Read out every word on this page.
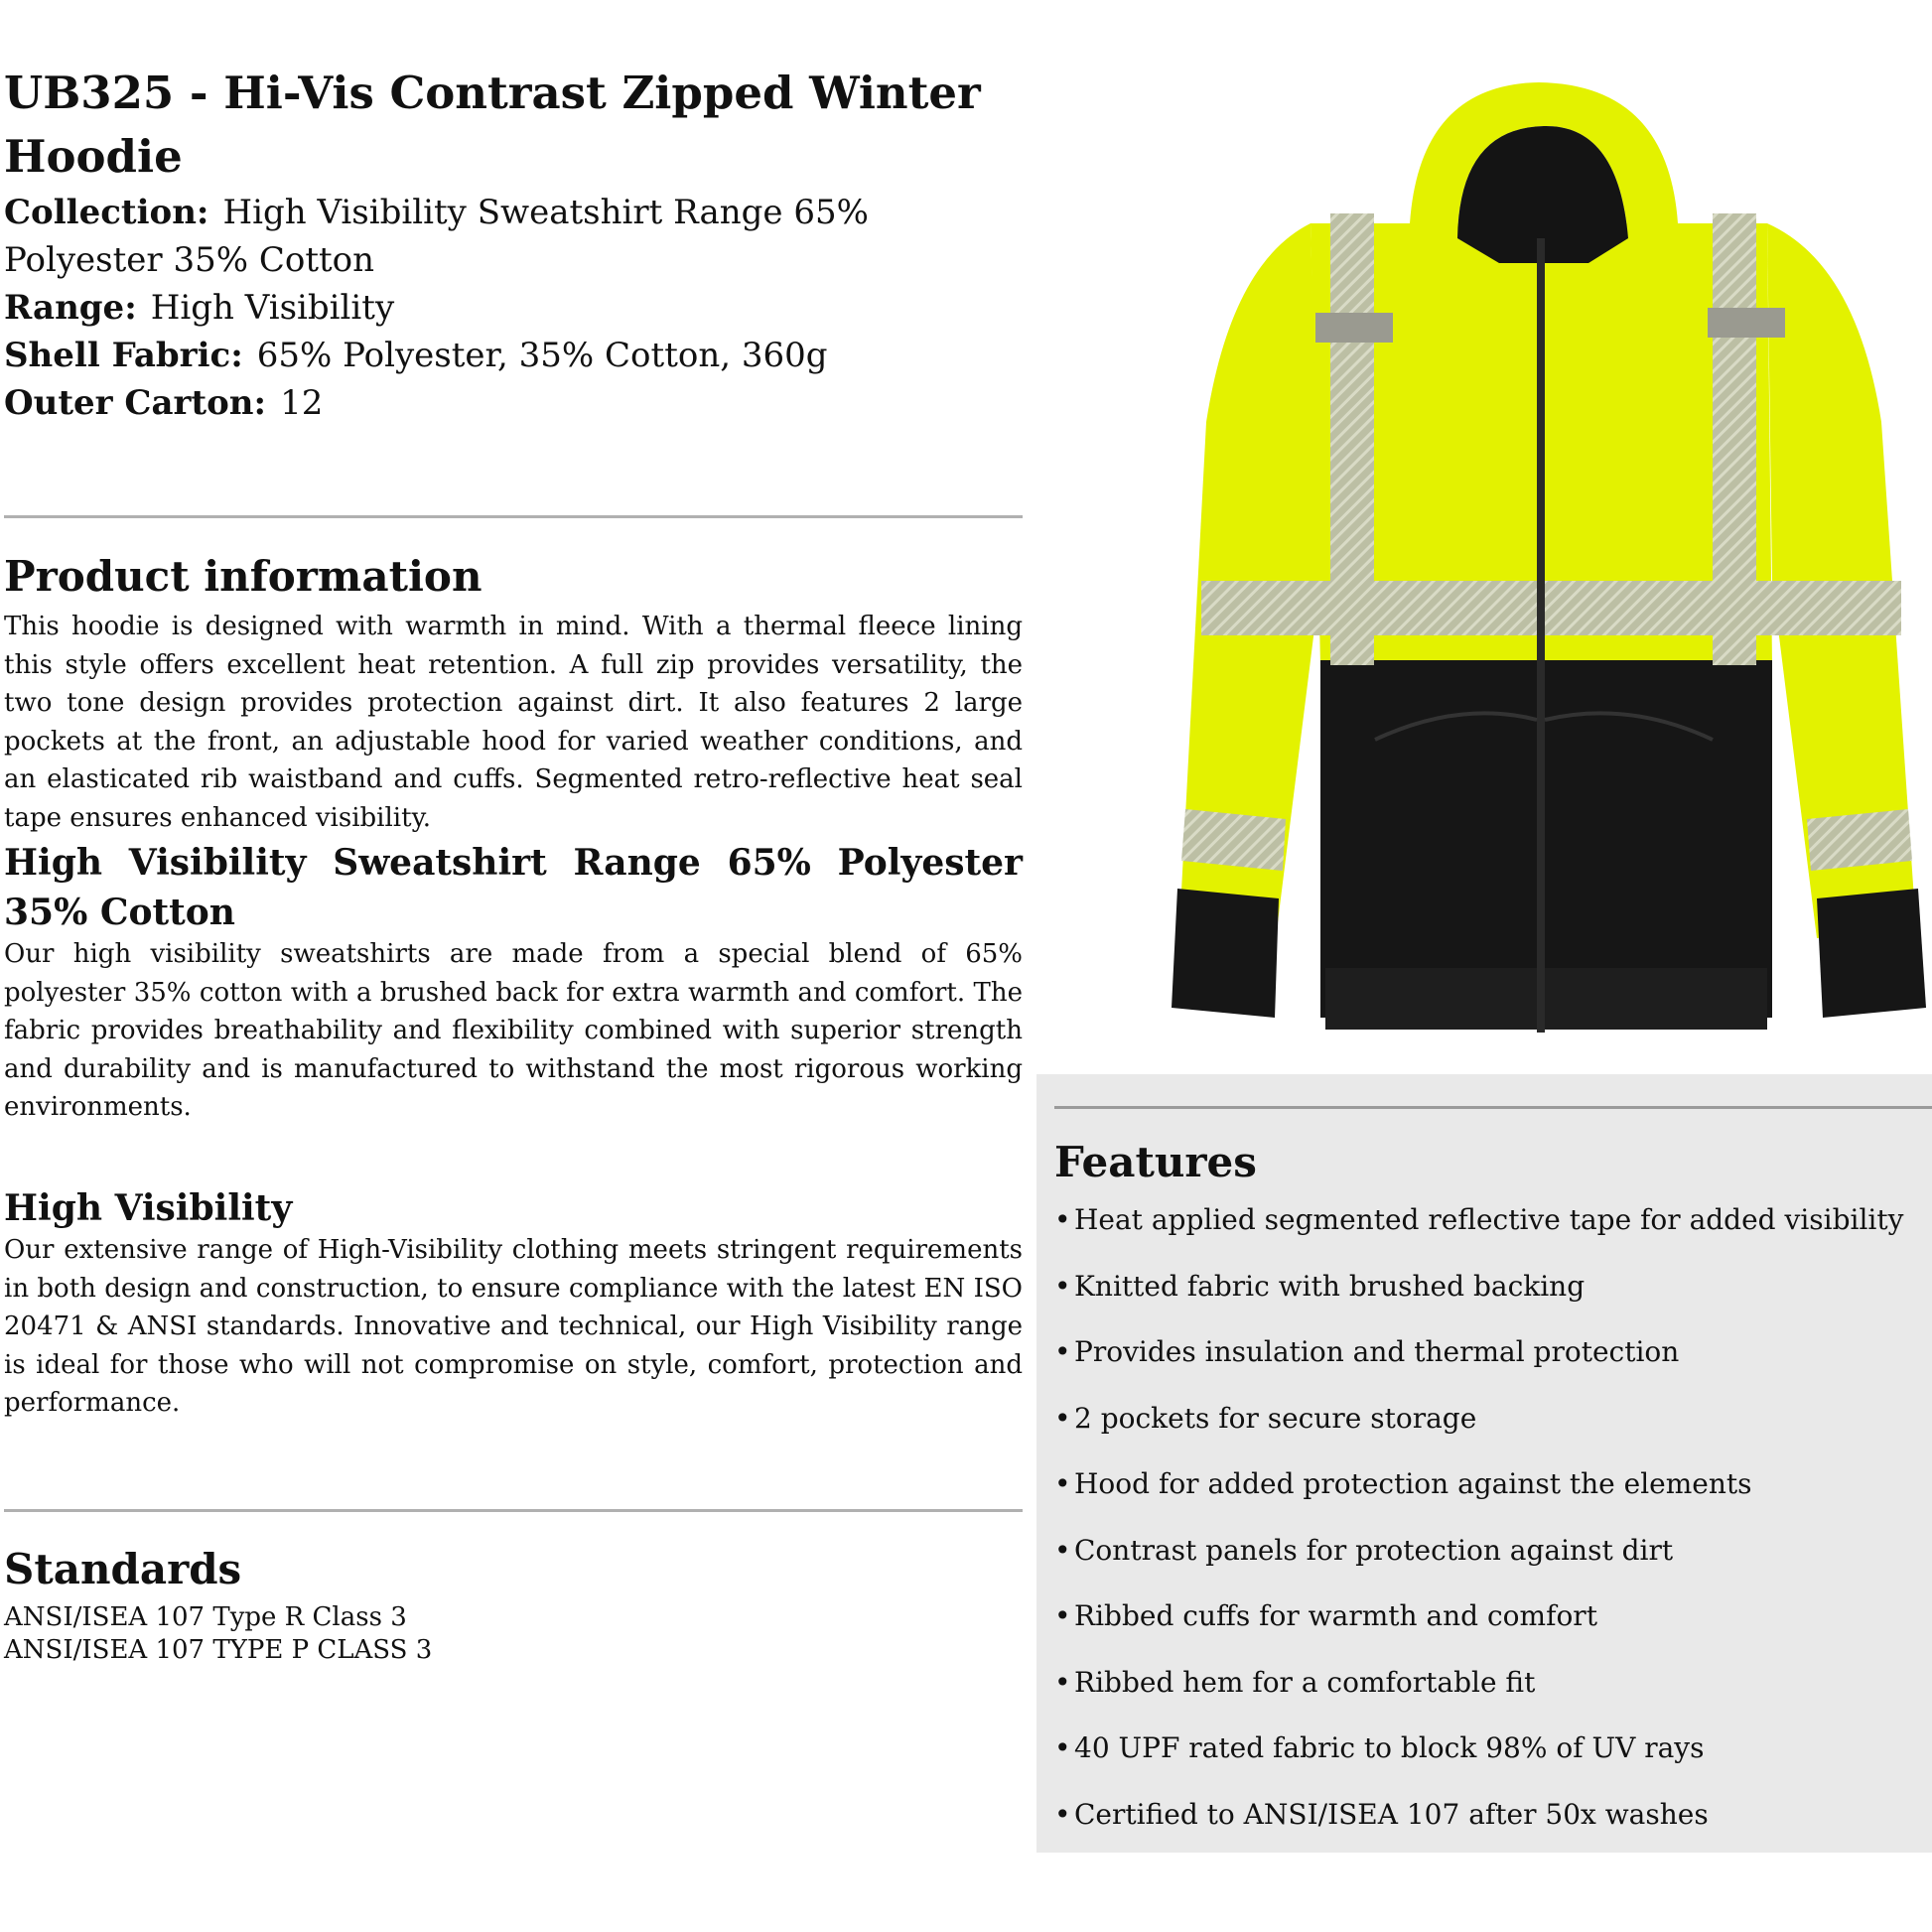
UB325 - Hi-Vis Contrast Zipped Winter Hoodie
Collection: High Visibility Sweatshirt Range 65% Polyester 35% Cotton
Range: High Visibility
Shell Fabric: 65% Polyester, 35% Cotton, 360g
Outer Carton: 12
Product information

This hoodie is designed with warmth in mind. With a thermal fleece lining this style offers excellent heat retention. A full zip provides versatility, the two tone design provides protection against dirt. It also features 2 large pockets at the front, an adjustable hood for varied weather conditions, and an elasticated rib waistband and cuffs. Segmented retro-reflective heat seal tape ensures enhanced visibility.

High Visibility Sweatshirt Range 65% Polyester 35% Cotton

Our high visibility sweatshirts are made from a special blend of 65% polyester 35% cotton with a brushed back for extra warmth and comfort. The fabric provides breathability and flexibility combined with superior strength and durability and is manufactured to withstand the most rigorous working environments.

High Visibility

Our extensive range of High-Visibility clothing meets stringent requirements in both design and construction, to ensure compliance with the latest EN ISO 20471 & ANSI standards. Innovative and technical, our High Visibility range is ideal for those who will not compromise on style, comfort, protection and performance.

Standards
ANSI/ISEA 107 Type R Class 3
ANSI/ISEA 107 TYPE P CLASS 3
Features
• Heat applied segmented reflective tape for added visibility
• Knitted fabric with brushed backing
• Provides insulation and thermal protection
• 2 pockets for secure storage
• Hood for added protection against the elements
• Contrast panels for protection against dirt
• Ribbed cuffs for warmth and comfort
• Ribbed hem for a comfortable fit
• 40 UPF rated fabric to block 98% of UV rays
• Certified to ANSI/ISEA 107 after 50x washes
